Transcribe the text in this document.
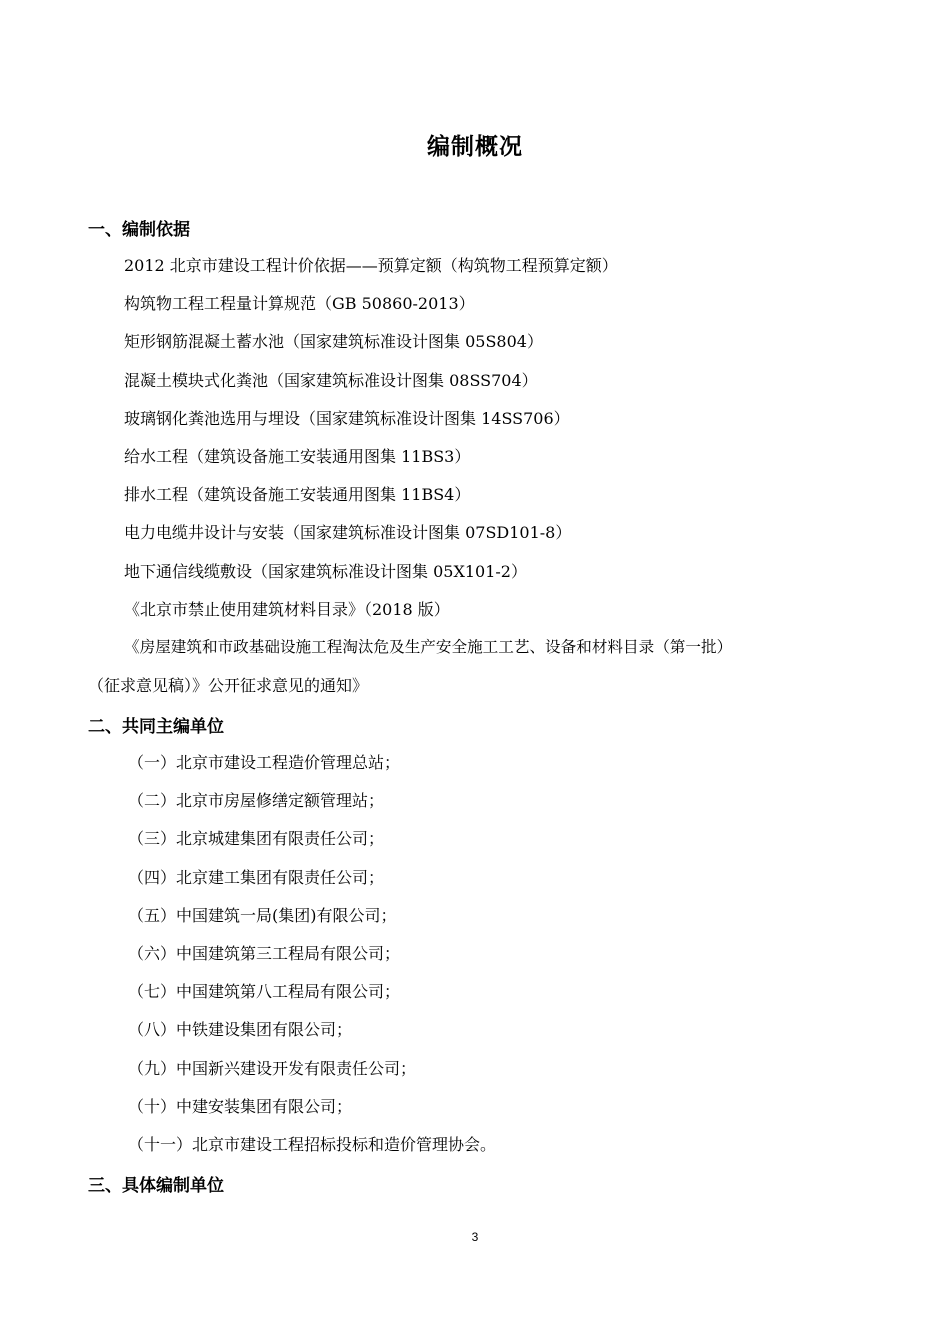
编制概况
一、编制依据
2012 北京市建设工程计价依据——预算定额（构筑物工程预算定额）
构筑物工程工程量计算规范（GB 50860-2013）
矩形钢筋混凝土蓄水池（国家建筑标准设计图集 05S804）
混凝土模块式化粪池（国家建筑标准设计图集 08SS704）
玻璃钢化粪池选用与埋设（国家建筑标准设计图集 14SS706）
给水工程（建筑设备施工安装通用图集 11BS3）
排水工程（建筑设备施工安装通用图集 11BS4）
电力电缆井设计与安装（国家建筑标准设计图集 07SD101-8）
地下通信线缆敷设（国家建筑标准设计图集 05X101-2）
《北京市禁止使用建筑材料目录》（2018 版）
《房屋建筑和市政基础设施工程淘汰危及生产安全施工工艺、设备和材料目录（第一批）
（征求意见稿）》公开征求意见的通知》
二、共同主编单位
（一）北京市建设工程造价管理总站；
（二）北京市房屋修缮定额管理站；
（三）北京城建集团有限责任公司；
（四）北京建工集团有限责任公司；
（五）中国建筑一局(集团)有限公司；
（六）中国建筑第三工程局有限公司；
（七）中国建筑第八工程局有限公司；
（八）中铁建设集团有限公司；
（九）中国新兴建设开发有限责任公司；
（十）中建安装集团有限公司；
（十一）北京市建设工程招标投标和造价管理协会。
三、具体编制单位
3
